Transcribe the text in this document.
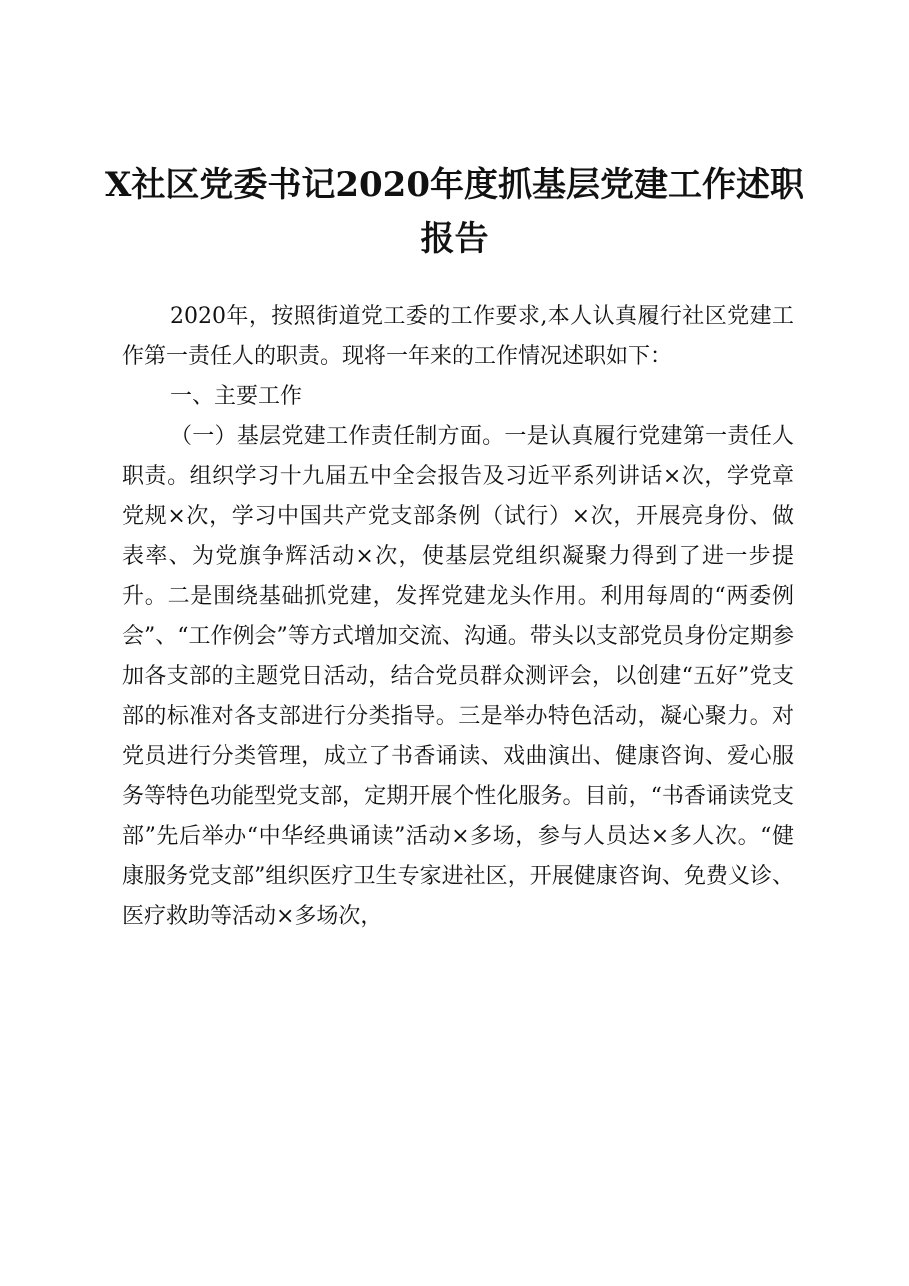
X社区党委书记2020年度抓基层党建工作述职报告

2020年，按照街道党工委的工作要求,本人认真履行社区党建工作第一责任人的职责。现将一年来的工作情况述职如下：

一、主要工作

（一）基层党建工作责任制方面。一是认真履行党建第一责任人职责。组织学习十九届五中全会报告及习近平系列讲话×次，学党章党规×次，学习中国共产党支部条例（试行）×次，开展亮身份、做表率、为党旗争辉活动×次，使基层党组织凝聚力得到了进一步提升。二是围绕基础抓党建，发挥党建龙头作用。利用每周的“两委例会”、“工作例会”等方式增加交流、沟通。带头以支部党员身份定期参加各支部的主题党日活动，结合党员群众测评会，以创建“五好”党支部的标准对各支部进行分类指导。三是举办特色活动，凝心聚力。对党员进行分类管理，成立了书香诵读、戏曲演出、健康咨询、爱心服务等特色功能型党支部，定期开展个性化服务。目前，“书香诵读党支部”先后举办“中华经典诵读”活动×多场，参与人员达×多人次。“健康服务党支部”组织医疗卫生专家进社区，开展健康咨询、免费义诊、医疗救助等活动×多场次，
